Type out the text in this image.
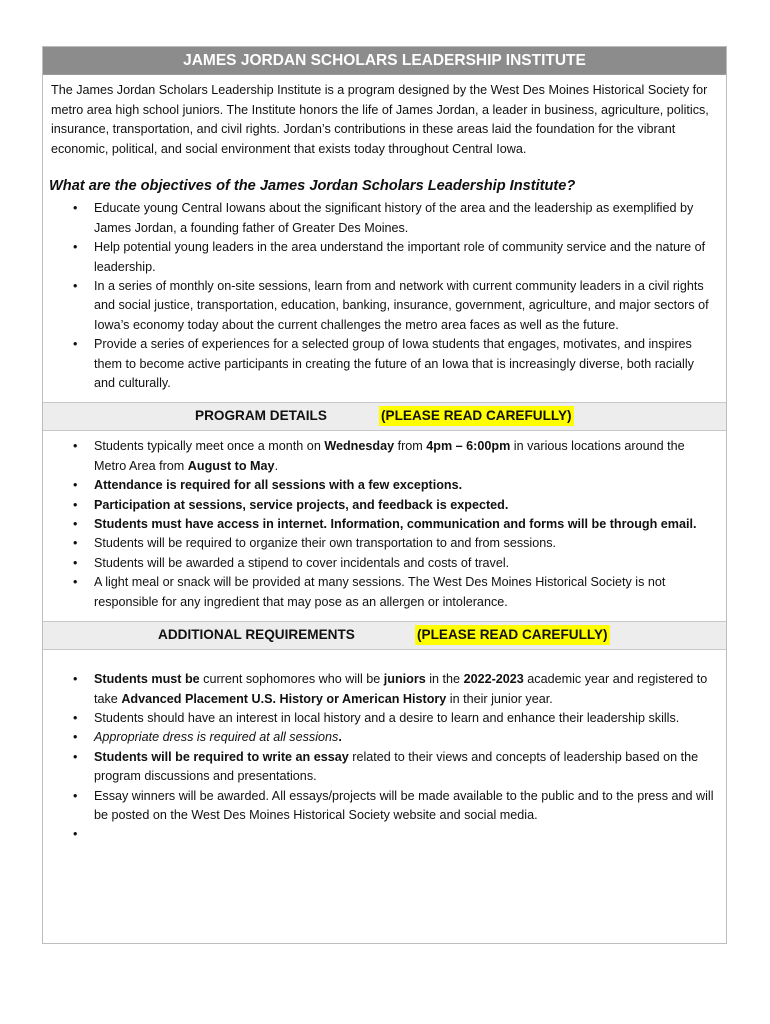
JAMES JORDAN SCHOLARS LEADERSHIP INSTITUTE
The James Jordan Scholars Leadership Institute is a program designed by the West Des Moines Historical Society for metro area high school juniors. The Institute honors the life of James Jordan, a leader in business, agriculture, politics, insurance, transportation, and civil rights. Jordan’s contributions in these areas laid the foundation for the vibrant economic, political, and social environment that exists today throughout Central Iowa.
What are the objectives of the James Jordan Scholars Leadership Institute?
• Educate young Central Iowans about the significant history of the area and the leadership as exemplified by James Jordan, a founding father of Greater Des Moines.
• Help potential young leaders in the area understand the important role of community service and the nature of leadership.
• In a series of monthly on-site sessions, learn from and network with current community leaders in a civil rights and social justice, transportation, education, banking, insurance, government, agriculture, and major sectors of Iowa’s economy today about the current challenges the metro area faces as well as the future.
• Provide a series of experiences for a selected group of Iowa students that engages, motivates, and inspires them to become active participants in creating the future of an Iowa that is increasingly diverse, both racially and culturally.
PROGRAM DETAILS	(PLEASE READ CAREFULLY)
• Students typically meet once a month on Wednesday from 4pm – 6:00pm in various locations around the Metro Area from August to May.
• Attendance is required for all sessions with a few exceptions.
• Participation at sessions, service projects, and feedback is expected.
• Students must have access in internet. Information, communication and forms will be through email.
• Students will be required to organize their own transportation to and from sessions.
• Students will be awarded a stipend to cover incidentals and costs of travel.
• A light meal or snack will be provided at many sessions. The West Des Moines Historical Society is not responsible for any ingredient that may pose as an allergen or intolerance.
ADDITIONAL REQUIREMENTS	(PLEASE READ CAREFULLY)
• Students must be current sophomores who will be juniors in the 2022-2023 academic year and registered to take Advanced Placement U.S. History or American History in their junior year.
• Students should have an interest in local history and a desire to learn and enhance their leadership skills.
• Appropriate dress is required at all sessions.
• Students will be required to write an essay related to their views and concepts of leadership based on the program discussions and presentations.
• Essay winners will be awarded. All essays/projects will be made available to the public and to the press and will be posted on the West Des Moines Historical Society website and social media.
•
